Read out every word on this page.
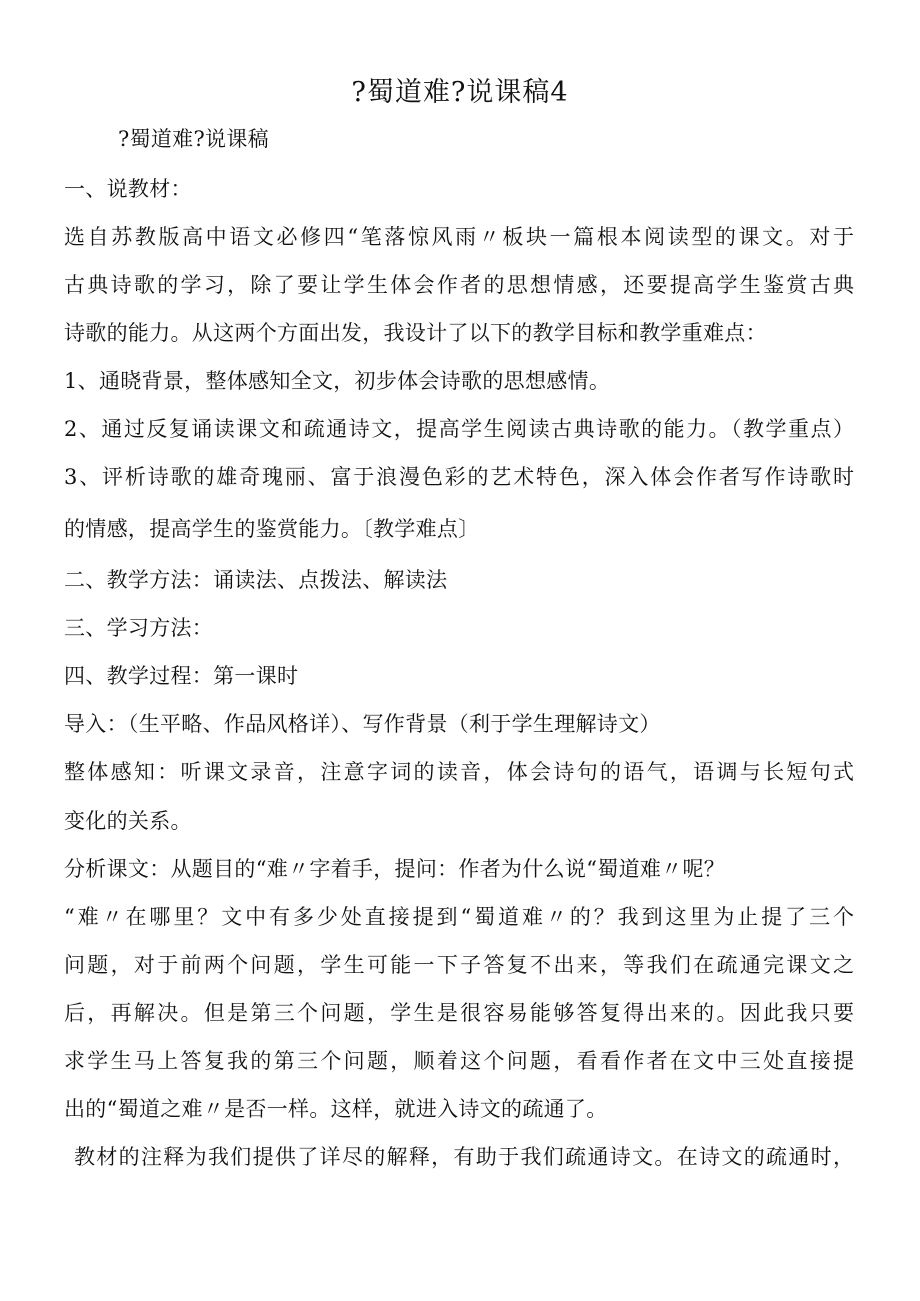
?蜀道难?说课稿4
?蜀道难?说课稿
一、说教材：
选自苏教版高中语文必修四“笔落惊风雨〃板块一篇根本阅读型的课文。对于
古典诗歌的学习，除了要让学生体会作者的思想情感，还要提高学生鉴赏古典
诗歌的能力。从这两个方面出发，我设计了以下的教学目标和教学重难点：
1、通晓背景，整体感知全文，初步体会诗歌的思想感情。
2、通过反复诵读课文和疏通诗文，提高学生阅读古典诗歌的能力。（教学重点）
3、评析诗歌的雄奇瑰丽、富于浪漫色彩的艺术特色，深入体会作者写作诗歌时
的情感，提高学生的鉴赏能力。〔教学难点〕
二、教学方法：诵读法、点拨法、解读法
三、学习方法：
四、教学过程：第一课时
导入：（生平略、作品风格详）、写作背景（利于学生理解诗文）
整体感知：听课文录音，注意字词的读音，体会诗句的语气，语调与长短句式
变化的关系。
分析课文：从题目的“难〃字着手，提问：作者为什么说“蜀道难〃呢？
“难〃在哪里？文中有多少处直接提到“蜀道难〃的？我到这里为止提了三个
问题，对于前两个问题，学生可能一下子答复不出来，等我们在疏通完课文之
后，再解决。但是第三个问题，学生是很容易能够答复得出来的。因此我只要
求学生马上答复我的第三个问题，顺着这个问题，看看作者在文中三处直接提
出的“蜀道之难〃是否一样。这样，就进入诗文的疏通了。
教材的注释为我们提供了详尽的解释，有助于我们疏通诗文。在诗文的疏通时，
